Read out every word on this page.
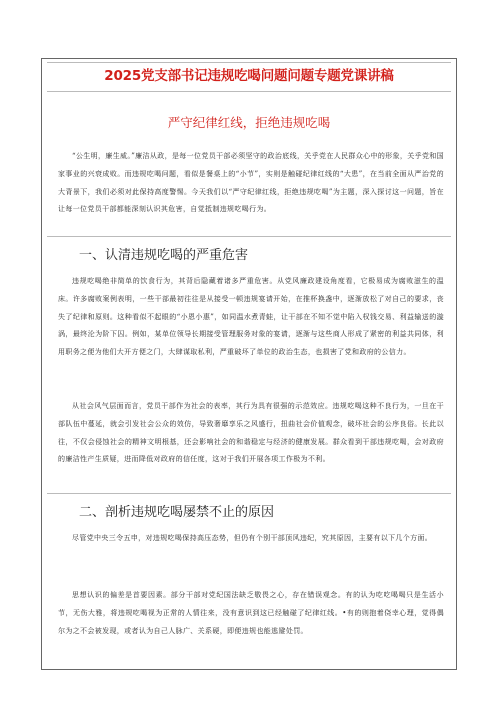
2025党支部书记违规吃喝问题问题专题党课讲稿
严守纪律红线，拒绝违规吃喝

“公生明，廉生威。”廉洁从政，是每一位党员干部必须坚守的政治底线，关乎党在人民群众心中的形象，关乎党和国家事业的兴衰成败。而违规吃喝问题，看似是餐桌上的“小节”，实则是触碰纪律红线的“大患”，在当前全面从严治党的大背景下，我们必须对此保持高度警惕。今天我们以“严守纪律红线，拒绝违规吃喝”为主题，深入探讨这一问题，旨在让每一位党员干部都能深刻认识其危害，自觉抵制违规吃喝行为。

一、认清违规吃喝的严重危害

违规吃喝绝非简单的饮食行为，其背后隐藏着诸多严重危害。从党风廉政建设角度看，它极易成为腐败滋生的温床。许多腐败案例表明，一些干部最初往往是从接受一顿违规宴请开始，在推杯换盏中，逐渐放松了对自己的要求，丧失了纪律和原则。这种看似不起眼的“小恩小惠”，如同温水煮青蛙，让干部在不知不觉中陷入权钱交易、利益输送的漩涡，最终沦为阶下囚。例如，某单位领导长期接受管理服务对象的宴请，逐渐与这些商人形成了紧密的利益共同体，利用职务之便为他们大开方便之门，大肆谋取私利，严重破坏了单位的政治生态，也损害了党和政府的公信力。

从社会风气层面而言，党员干部作为社会的表率，其行为具有很强的示范效应。违规吃喝这种不良行为，一旦在干部队伍中蔓延，就会引发社会公众的效仿，导致奢靡享乐之风盛行，扭曲社会价值观念，破坏社会的公序良俗。长此以往，不仅会侵蚀社会的精神文明根基，还会影响社会的和谐稳定与经济的健康发展。群众看到干部违规吃喝，会对政府的廉洁性产生质疑，进而降低对政府的信任度，这对于我们开展各项工作极为不利。

二、剖析违规吃喝屡禁不止的原因

尽管党中央三令五申，对违规吃喝保持高压态势，但仍有个别干部顶风违纪，究其原因，主要有以下几个方面。

思想认识的偏差是首要因素。部分干部对党纪国法缺乏敬畏之心，存在错误观念。有的认为吃吃喝喝只是生活小节，无伤大雅，将违规吃喝视为正常的人情往来，没有意识到这已经触碰了纪律红线。•有的则抱着侥幸心理，觉得偶尔为之不会被发现，或者认为自己人脉广、关系硬，即便违规也能逃避处罚。
